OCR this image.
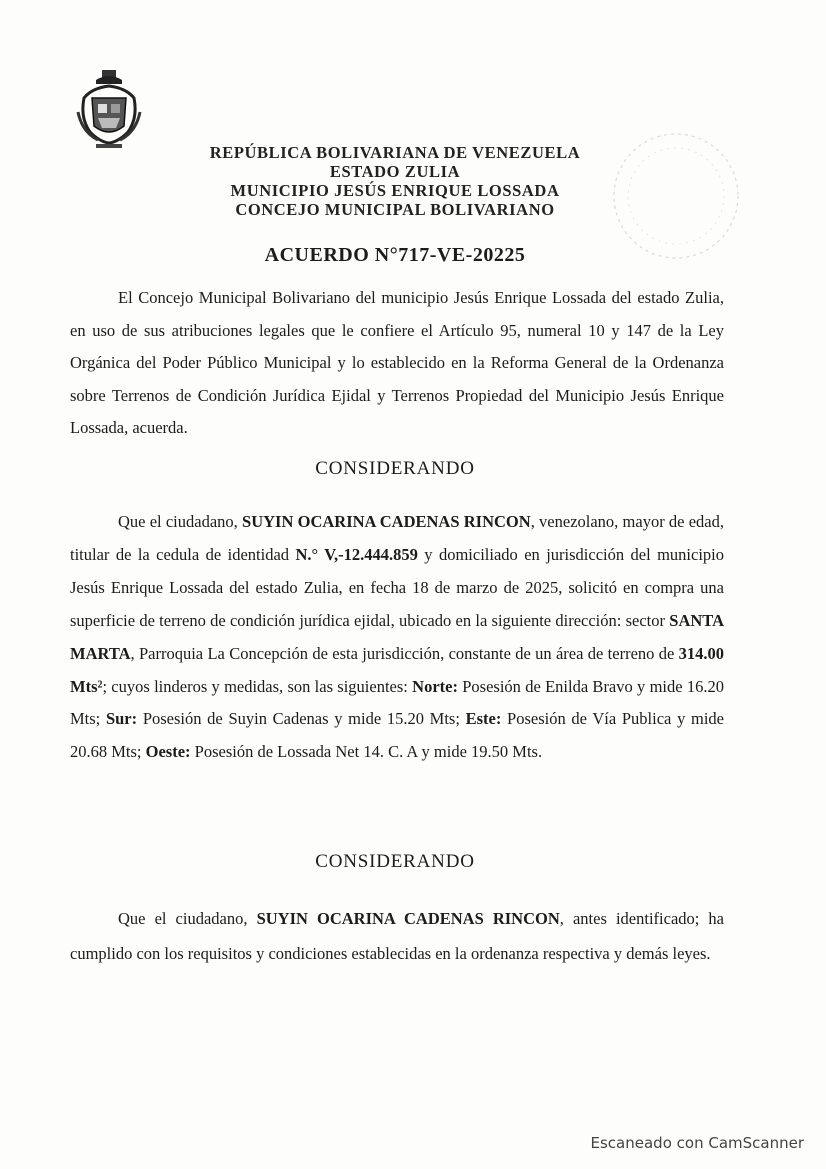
REPÚBLICA BOLIVARIANA DE VENEZUELA
ESTADO ZULIA
MUNICIPIO JESÚS ENRIQUE LOSSADA
CONCEJO MUNICIPAL BOLIVARIANO
ACUERDO N°717-VE-20225

El Concejo Municipal Bolivariano del municipio Jesús Enrique Lossada del estado Zulia, en uso de sus atribuciones legales que le confiere el Artículo 95, numeral 10 y 147 de la Ley Orgánica del Poder Público Municipal y lo establecido en la Reforma General de la Ordenanza sobre Terrenos de Condición Jurídica Ejidal y Terrenos Propiedad del Municipio Jesús Enrique Lossada, acuerda.

CONSIDERANDO

Que el ciudadano, SUYIN OCARINA CADENAS RINCON, venezolano, mayor de edad, titular de la cedula de identidad N.° V,-12.444.859 y domiciliado en jurisdicción del municipio Jesús Enrique Lossada del estado Zulia, en fecha 18 de marzo de 2025, solicitó en compra una superficie de terreno de condición jurídica ejidal, ubicado en la siguiente dirección: sector SANTA MARTA, Parroquia La Concepción de esta jurisdicción, constante de un área de terreno de 314.00 Mts²; cuyos linderos y medidas, son las siguientes: Norte: Posesión de Enilda Bravo y mide 16.20 Mts; Sur: Posesión de Suyin Cadenas y mide 15.20 Mts; Este: Posesión de Vía Publica y mide 20.68 Mts; Oeste: Posesión de Lossada Net 14. C. A y mide 19.50 Mts.

CONSIDERANDO

Que el ciudadano, SUYIN OCARINA CADENAS RINCON, antes identificado; ha cumplido con los requisitos y condiciones establecidas en la ordenanza respectiva y demás leyes.

Escaneado con CamScanner
